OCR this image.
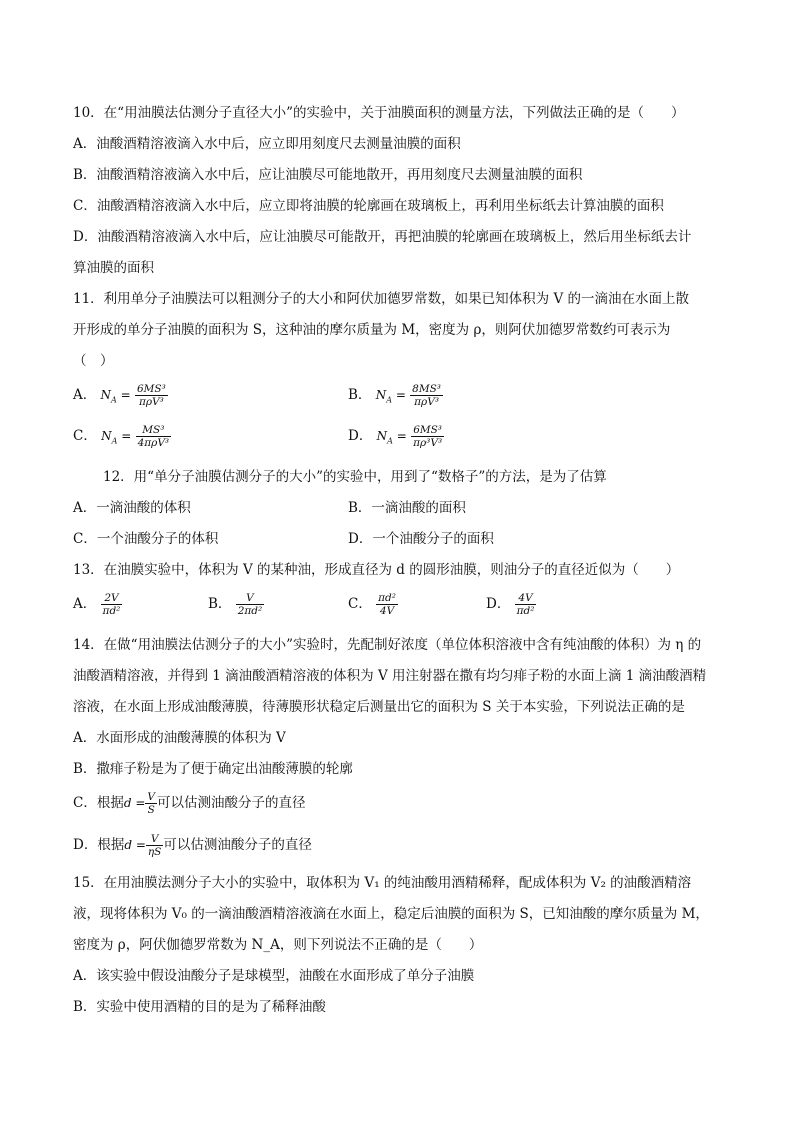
10．在“用油膜法估测分子直径大小”的实验中，关于油膜面积的测量方法，下列做法正确的是（　　）
A．油酸酒精溶液滴入水中后，应立即用刻度尺去测量油膜的面积
B．油酸酒精溶液滴入水中后，应让油膜尽可能地散开，再用刻度尺去测量油膜的面积
C．油酸酒精溶液滴入水中后，应立即将油膜的轮廓画在玻璃板上，再利用坐标纸去计算油膜的面积
D．油酸酒精溶液滴入水中后，应让油膜尽可能散开，再把油膜的轮廓画在玻璃板上，然后用坐标纸去计
算油膜的面积
11．利用单分子油膜法可以粗测分子的大小和阿伏加德罗常数，如果已知体积为 V 的一滴油在水面上散
开形成的单分子油膜的面积为 S，这种油的摩尔质量为 M，密度为 ρ，则阿伏加德罗常数约可表示为
（　）
A． $N_A = \frac{\text{6MS³}}{\text{πρV³}}$	B． $N_A = \frac{\text{8MS³}}{\text{πρV³}}$
C． $N_A = \frac{\text{MS³}}{\text{4πρV³}}$	D． $N_A = \frac{\text{6MS³}}{\text{πρ³V³}}$
12．用“单分子油膜估测分子的大小”的实验中，用到了“数格子”的方法，是为了估算
A．一滴油酸的体积	B．一滴油酸的面积
C．一个油酸分子的体积	D．一个油酸分子的面积
13．在油膜实验中，体积为 V 的某种油，形成直径为 d 的圆形油膜，则油分子的直径近似为（　　）
A． $\frac{2V}{\text{πd²}}$	B． $\frac{V}{\text{2πd²}}$	C． $\frac{\text{πd²}}{4V}$	D． $\frac{4V}{\text{πd²}}$
14．在做“用油膜法估测分子的大小”实验时，先配制好浓度（单位体积溶液中含有纯油酸的体积）为 η 的
油酸酒精溶液，并得到 1 滴油酸酒精溶液的体积为 V 用注射器在撒有均匀痱子粉的水面上滴 1 滴油酸酒精
溶液，在水面上形成油酸薄膜，待薄膜形状稳定后测量出它的面积为 S 关于本实验，下列说法正确的是
A．水面形成的油酸薄膜的体积为 V
B．撒痱子粉是为了便于确定出油酸薄膜的轮廓
C．根据$d = \frac{V}{S}$ 可以估测油酸分子的直径
D．根据$d = \frac{V}{\eta S}$ 可以估测油酸分子的直径
15．在用油膜法测分子大小的实验中，取体积为 V₁ 的纯油酸用酒精稀释，配成体积为 V₂ 的油酸酒精溶
液，现将体积为 V₀ 的一滴油酸酒精溶液滴在水面上，稳定后油膜的面积为 S，已知油酸的摩尔质量为 M，
密度为 ρ，阿伏伽德罗常数为 N_A，则下列说法不正确的是（　　）
A．该实验中假设油酸分子是球模型，油酸在水面形成了单分子油膜
B．实验中使用酒精的目的是为了稀释油酸
